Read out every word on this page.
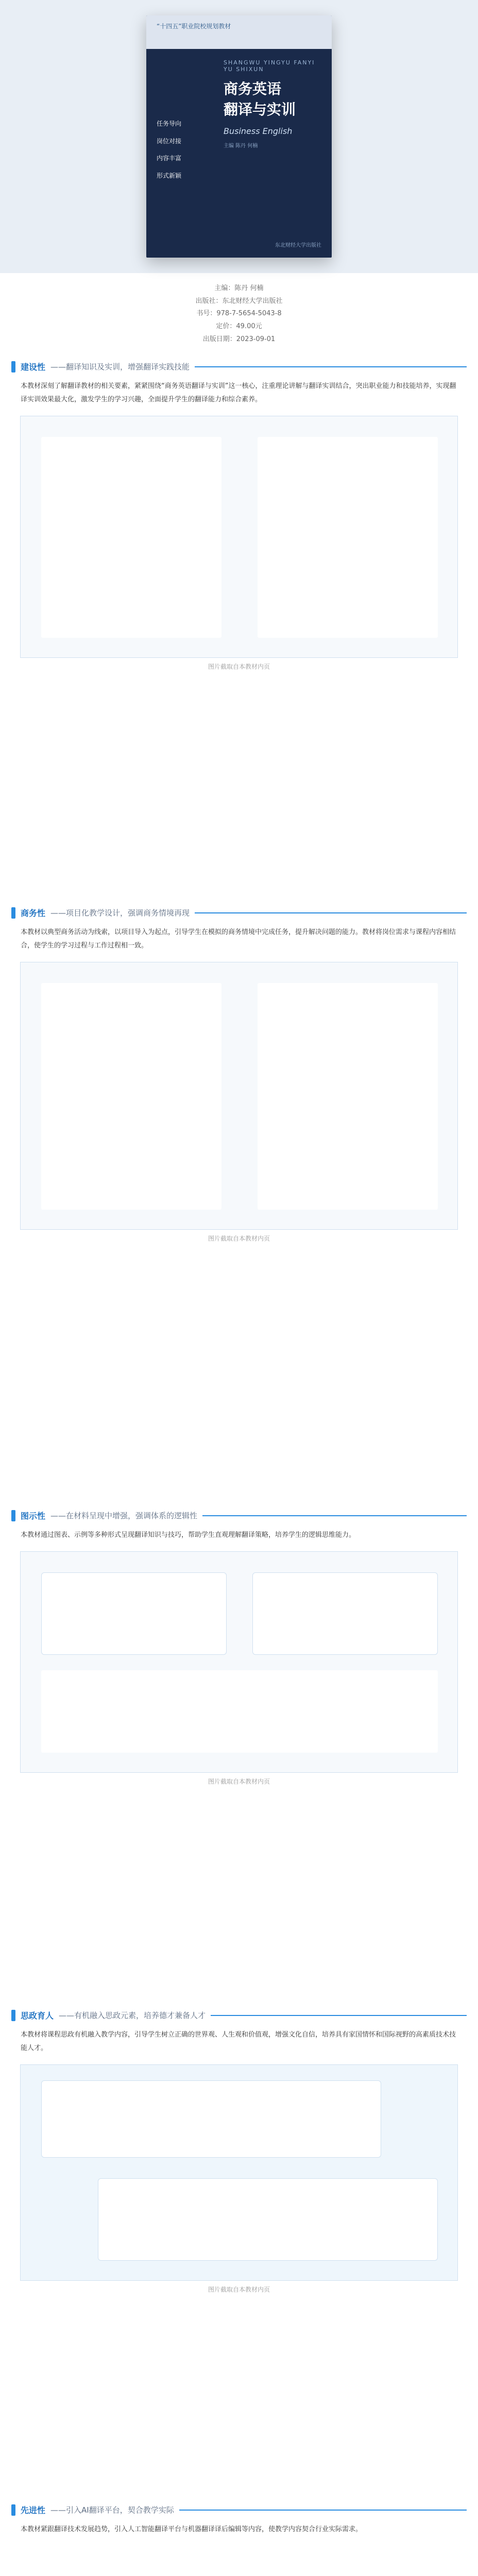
“十四五”职业院校规划教材
SHANGWU YINGYU FANYI YU SHIXUN
商务英语
翻译与实训
Business English
主编 陈丹 何楠
任务导向
岗位对接
内容丰富
形式新颖
东北财经大学出版社
主编：陈丹 何楠
出版社：东北财经大学出版社
书号：978-7-5654-5043-8
定价：49.00元
出版日期：2023-09-01
建设性 ——翻译知识及实训，增强翻译实践技能
本教材深刻了解翻译教材的相关要素，紧紧围绕“商务英语翻译与实训”这一核心，注重理论讲解与翻译实训结合，突出职业能力和技能培养，实现翻译实训效果最大化，激发学生的学习兴趣，全面提升学生的翻译能力和综合素养。
图片截取自本教材内页
商务性 ——项目化教学设计，强调商务情境再现
本教材以典型商务活动为线索，以项目导入为起点，引导学生在模拟的商务情境中完成任务，提升解决问题的能力。教材将岗位需求与课程内容相结合，使学生的学习过程与工作过程相一致。
图片截取自本教材内页
图示性 ——在材料呈现中增强，强调体系的逻辑性
本教材通过图表、示例等多种形式呈现翻译知识与技巧，帮助学生直观理解翻译策略，培养学生的逻辑思维能力。
图片截取自本教材内页
思政育人 ——有机融入思政元素，培养德才兼备人才
本教材将课程思政有机融入教学内容，引导学生树立正确的世界观、人生观和价值观，增强文化自信，培养具有家国情怀和国际视野的高素质技术技能人才。
图片截取自本教材内页
先进性 ——引入AI翻译平台，契合教学实际
本教材紧跟翻译技术发展趋势，引入人工智能翻译平台与机器翻译译后编辑等内容，使教学内容契合行业实际需求。
